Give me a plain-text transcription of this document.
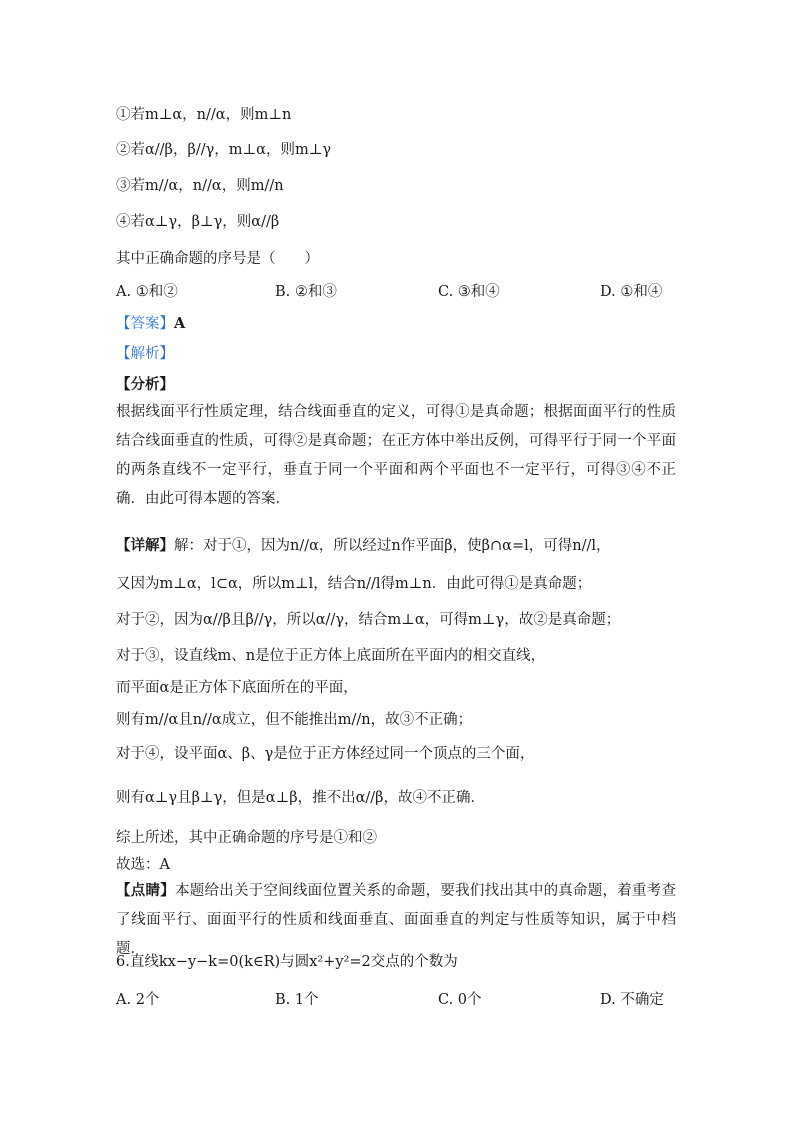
①若m⊥α，n//α，则m⊥n
②若α//β，β//γ，m⊥α，则m⊥γ
③若m//α，n//α，则m//n
④若α⊥γ，β⊥γ，则α//β
其中正确命题的序号是（　　）
A. ①和②	B. ②和③	C. ③和④	D. ①和④
【答案】A
【解析】
【分析】
根据线面平行性质定理，结合线面垂直的定义，可得①是真命题；根据面面平行的性质结合线面垂直的性质，可得②是真命题；在正方体中举出反例，可得平行于同一个平面的两条直线不一定平行，垂直于同一个平面和两个平面也不一定平行，可得③④不正确．由此可得本题的答案．
【详解】解：对于①，因为n//α，所以经过n作平面β，使β∩α=l，可得n//l，
又因为m⊥α，l⊂α，所以m⊥l，结合n//l得m⊥n．由此可得①是真命题；
对于②，因为α//β且β//γ，所以α//γ，结合m⊥α，可得m⊥γ，故②是真命题；
对于③，设直线m、n是位于正方体上底面所在平面内的相交直线，
而平面α是正方体下底面所在的平面，
则有m//α且n//α成立，但不能推出m//n，故③不正确；
对于④，设平面α、β、γ是位于正方体经过同一个顶点的三个面，
则有α⊥γ且β⊥γ，但是α⊥β，推不出α//β，故④不正确．
综上所述，其中正确命题的序号是①和②
故选：A
【点睛】本题给出关于空间线面位置关系的命题，要我们找出其中的真命题，着重考查了线面平行、面面平行的性质和线面垂直、面面垂直的判定与性质等知识，属于中档题．
6.直线kx−y−k=0(k∈R)与圆x²+y²=2交点的个数为
A. 2个	B. 1个	C. 0个	D. 不确定
